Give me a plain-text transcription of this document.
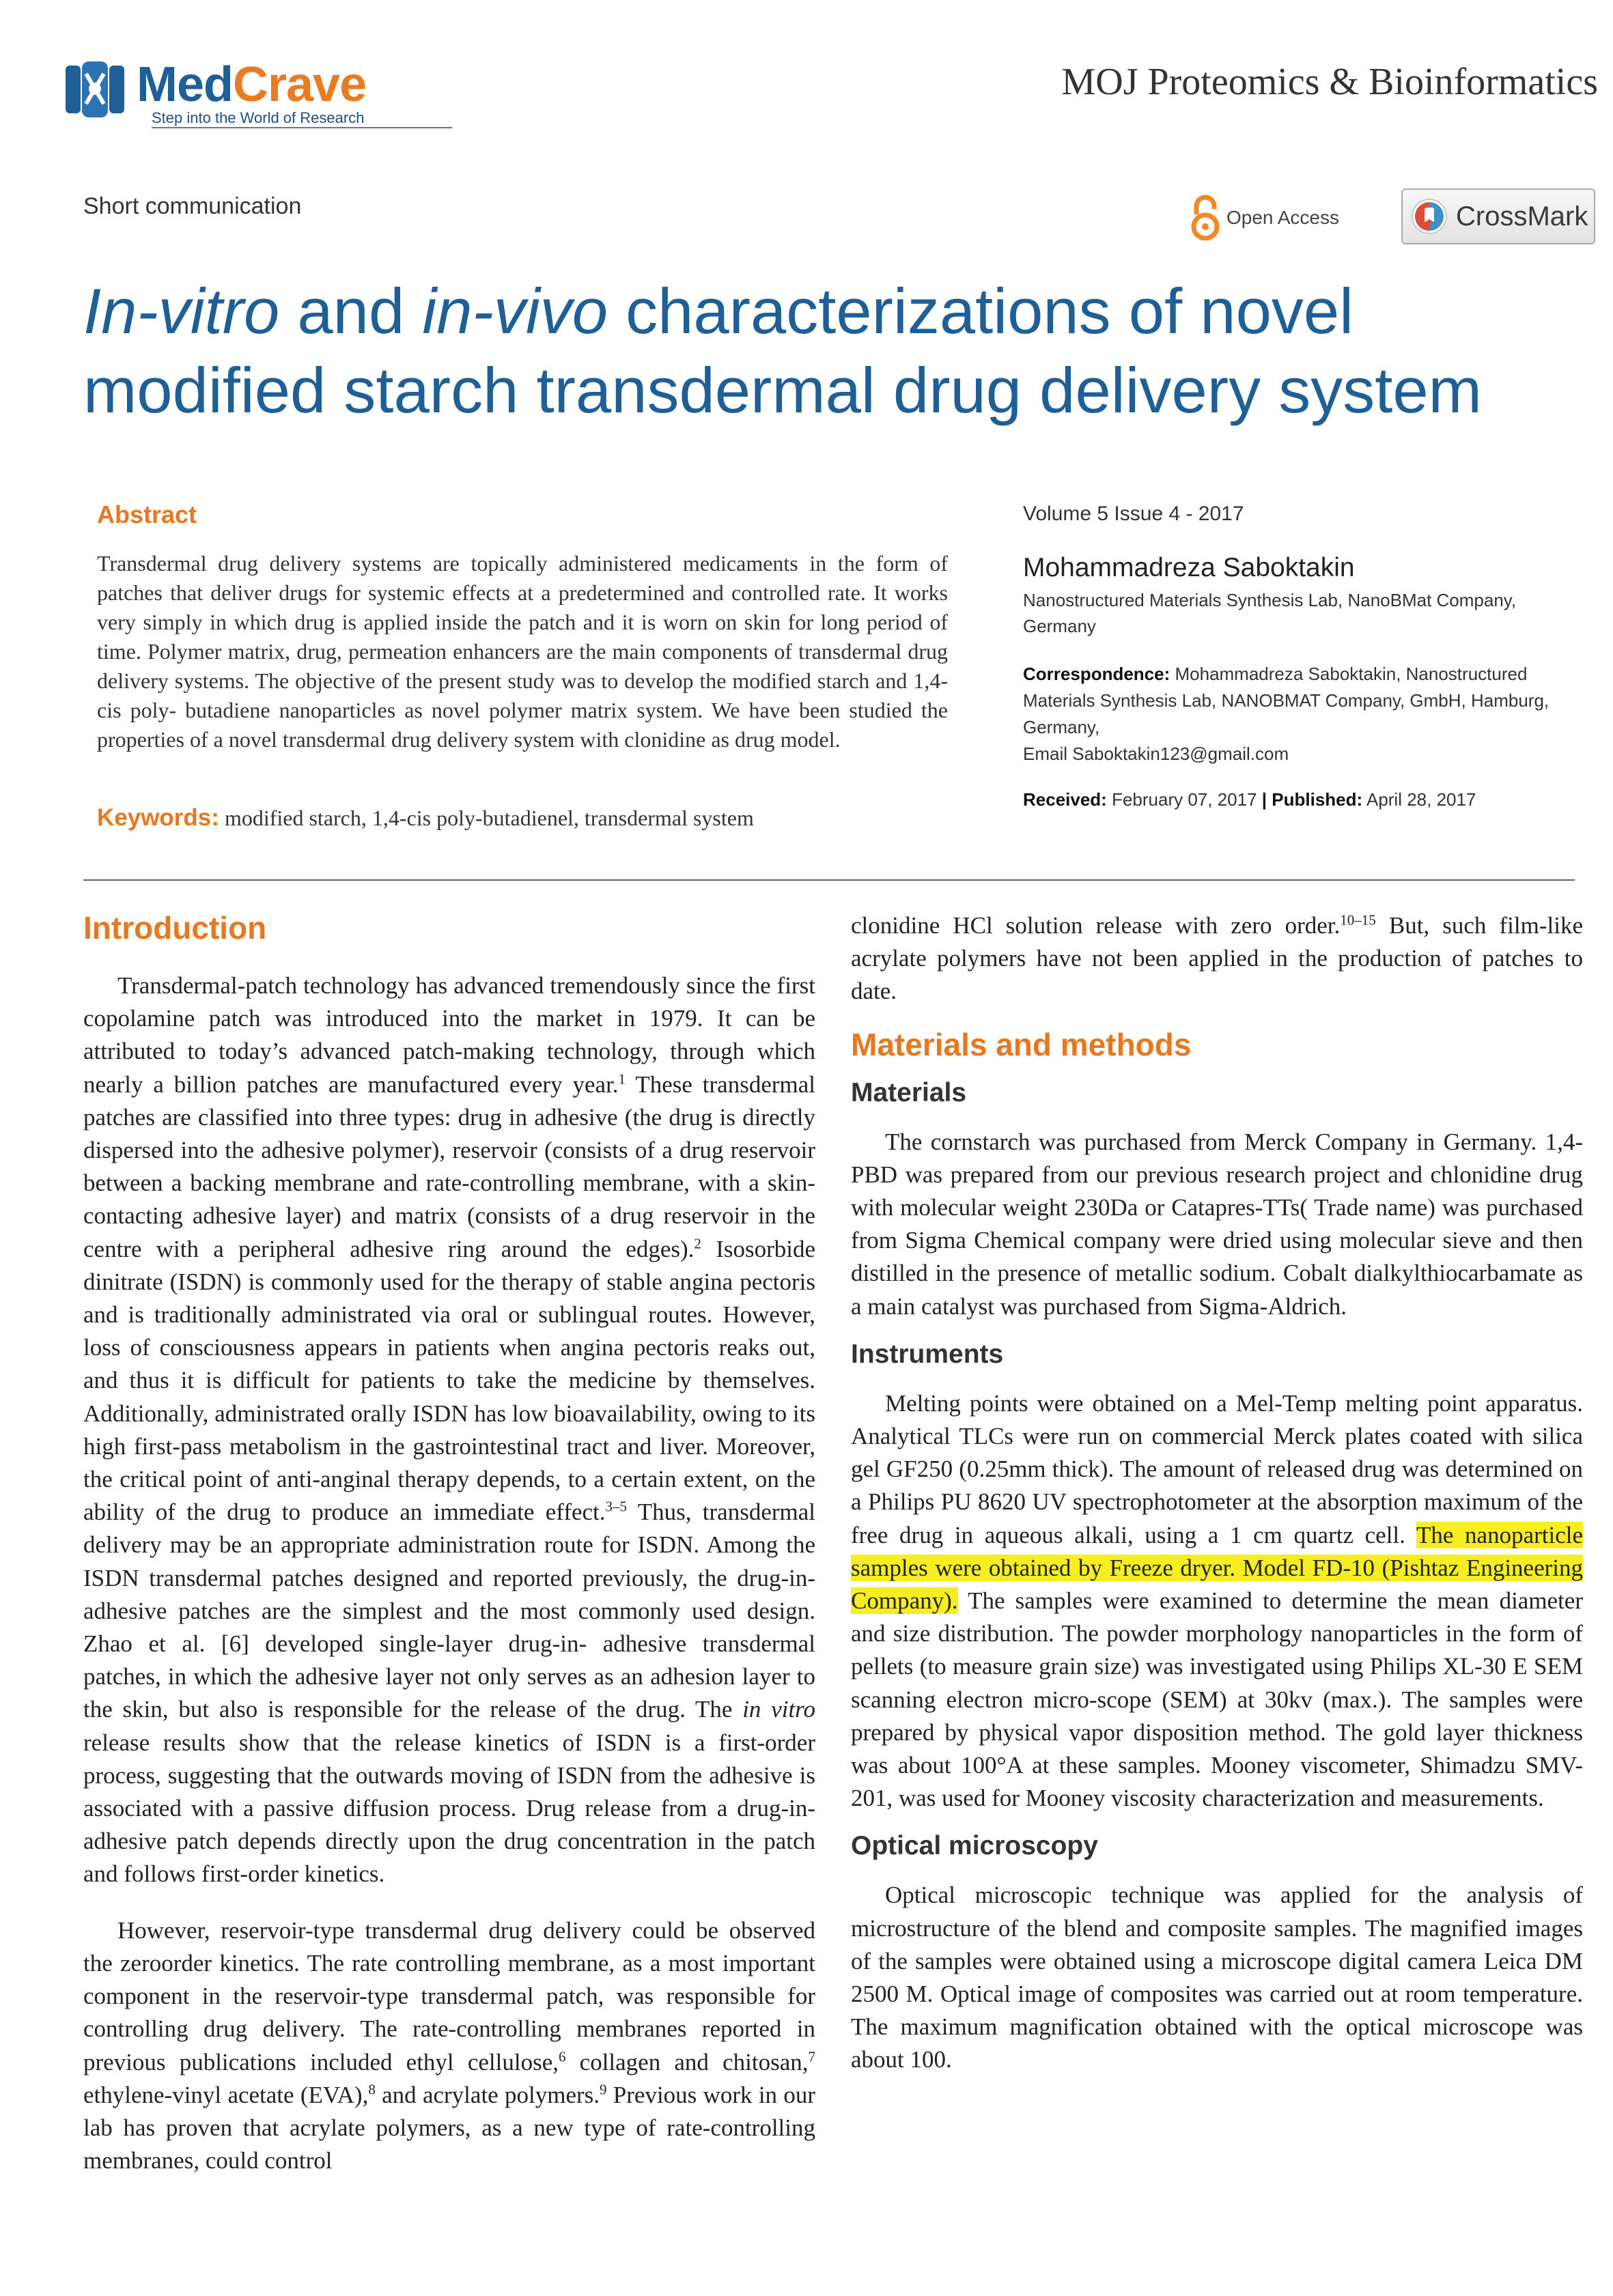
MedCrave
Step into the World of Research
MOJ Proteomics & Bioinformatics
Short communication	Open Access	CrossMark
In-vitro and in-vivo characterizations of novel modified starch transdermal drug delivery system
Abstract

Transdermal drug delivery systems are topically administered medicaments in the form of patches that deliver drugs for systemic effects at a predetermined and controlled rate. It works very simply in which drug is applied inside the patch and it is worn on skin for long period of time. Polymer matrix, drug, permeation enhancers are the main components of transdermal drug delivery systems. The objective of the present study was to develop the modified starch and 1,4-cis poly- butadiene nanoparticles as novel polymer matrix system. We have been studied the properties of a novel transdermal drug delivery system with clonidine as drug model.

Keywords: modified starch, 1,4-cis poly-butadienel, transdermal system
Volume 5 Issue 4 - 2017
Mohammadreza Saboktakin
Nanostructured Materials Synthesis Lab, NanoBMat Company, Germany
Correspondence: Mohammadreza Saboktakin, Nanostructured Materials Synthesis Lab, NANOBMAT Company, GmbH, Hamburg, Germany,
Email Saboktakin123@gmail.com
Received: February 07, 2017 | Published: April 28, 2017
Introduction

Transdermal-patch technology has advanced tremendously since the first copolamine patch was introduced into the market in 1979. It can be attributed to today’s advanced patch-making technology, through which nearly a billion patches are manufactured every year.$^1$ These transdermal patches are classified into three types: drug in adhesive (the drug is directly dispersed into the adhesive polymer), reservoir (consists of a drug reservoir between a backing membrane and rate-controlling membrane, with a skin-contacting adhesive layer) and matrix (consists of a drug reservoir in the centre with a peripheral adhesive ring around the edges).$^2$ Isosorbide dinitrate (ISDN) is commonly used for the therapy of stable angina pectoris and is traditionally administrated via oral or sublingual routes. However, loss of consciousness appears in patients when angina pectoris reaks out, and thus it is difficult for patients to take the medicine by themselves. Additionally, administrated orally ISDN has low bioavailability, owing to its high first-pass metabolism in the gastrointestinal tract and liver. Moreover, the critical point of anti-anginal therapy depends, to a certain extent, on the ability of the drug to produce an immediate effect.$^{3-5}$ Thus, transdermal delivery may be an appropriate administration route for ISDN. Among the ISDN transdermal patches designed and reported previously, the drug-in-adhesive patches are the simplest and the most commonly used design. Zhao et al. [6] developed single-layer drug-in- adhesive transdermal patches, in which the adhesive layer not only serves as an adhesion layer to the skin, but also is responsible for the release of the drug. The in vitro release results show that the release kinetics of ISDN is a first-order process, suggesting that the outwards moving of ISDN from the adhesive is associated with a passive diffusion process. Drug release from a drug-in-adhesive patch depends directly upon the drug concentration in the patch and follows first-order kinetics.

However, reservoir-type transdermal drug delivery could be observed the zeroorder kinetics. The rate controlling membrane, as a most important component in the reservoir-type transdermal patch, was responsible for controlling drug delivery. The rate-controlling membranes reported in previous publications included ethyl cellulose,$^6$ collagen and chitosan,$^7$ ethylene-vinyl acetate (EVA),$^8$ and acrylate polymers.$^9$ Previous work in our lab has proven that acrylate polymers, as a new type of rate-controlling membranes, could control

clonidine HCl solution release with zero order.$^{10-15}$ But, such film-like acrylate polymers have not been applied in the production of patches to date.

Materials and methods
Materials

The cornstarch was purchased from Merck Company in Germany. 1,4-PBD was prepared from our previous research project and chlonidine drug with molecular weight 230Da or Catapres-TTs( Trade name) was purchased from Sigma Chemical company were dried using molecular sieve and then distilled in the presence of metallic sodium. Cobalt dialkylthiocarbamate as a main catalyst was purchased from Sigma-Aldrich.

Instruments

Melting points were obtained on a Mel-Temp melting point apparatus. Analytical TLCs were run on commercial Merck plates coated with silica gel GF250 (0.25mm thick). The amount of released drug was determined on a Philips PU 8620 UV spectrophotometer at the absorption maximum of the free drug in aqueous alkali, using a 1 cm quartz cell. The nanoparticle samples were obtained by Freeze dryer. Model FD-10 (Pishtaz Engineering Company). The samples were examined to determine the mean diameter and size distribution. The powder morphology nanoparticles in the form of pellets (to measure grain size) was investigated using Philips XL-30 E SEM scanning electron micro-scope (SEM) at 30kv (max.). The samples were prepared by physical vapor disposition method. The gold layer thickness was about 100°A at these samples. Mooney viscometer, Shimadzu SMV-201, was used for Mooney viscosity characterization and measurements.

Optical microscopy

Optical microscopic technique was applied for the analysis of microstructure of the blend and composite samples. The magnified images of the samples were obtained using a microscope digital camera Leica DM 2500 M. Optical image of composites was carried out at room temperature. The maximum magnification obtained with the optical microscope was about 100.
